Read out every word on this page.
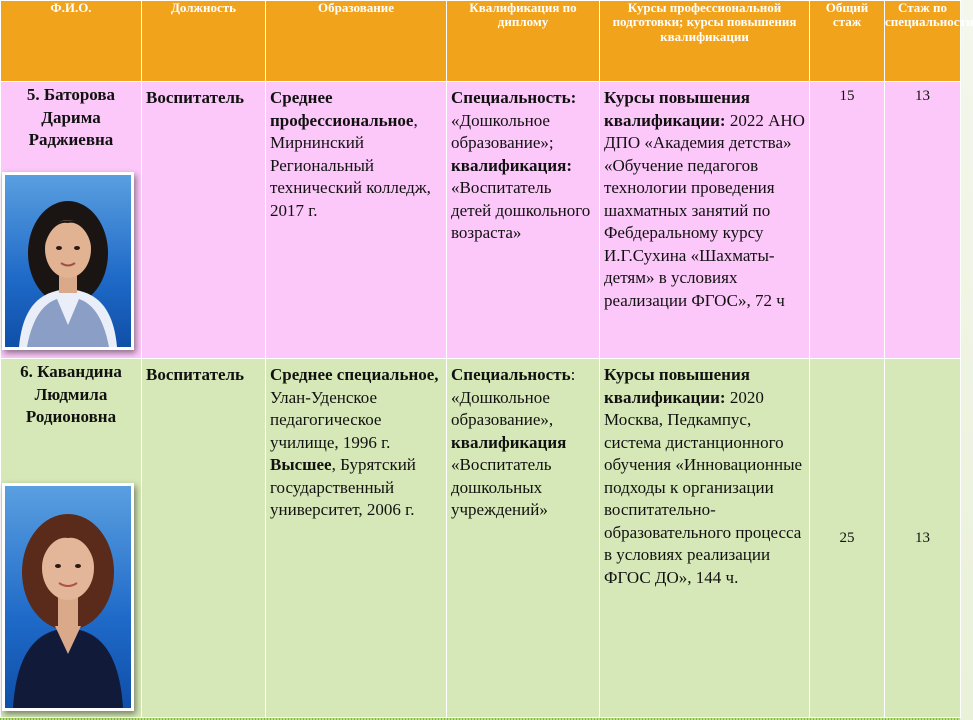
Ф.И.О.	Должность	Образование	Квалификация по диплому	Курсы профессиональной подготовки; курсы повышения квалификации	Общий стаж	Стаж по специальности

5. Баторова Дарима Раджиевна	Воспитатель	Среднее профессиональное, Мирнинский Региональный технический колледж, 2017 г.	Специальность: «Дошкольное образование»; квалификация: «Воспитатель детей дошкольного возраста»	Курсы повышения квалификации: 2022 АНО ДПО «Академия детства» «Обучение педагогов технологии проведения шахматных занятий по Фебдеральному курсу И.Г.Сухина «Шахматы-детям» в условиях реализации ФГОС», 72 ч	15	13

6. Кавандина Людмила Родионовна	Воспитатель	Среднее специальное, Улан-Уденское педагогическое училище, 1996 г. Высшее, Бурятский государственный университет, 2006 г.	Специальность: «Дошкольное образование», квалификация «Воспитатель дошкольных учреждений»	Курсы повышения квалификации: 2020 Москва, Педкампус, система дистанционного обучения «Инновационные подходы к организации воспитательно-образовательного процесса в условиях реализации ФГОС ДО», 144 ч.	25	13
